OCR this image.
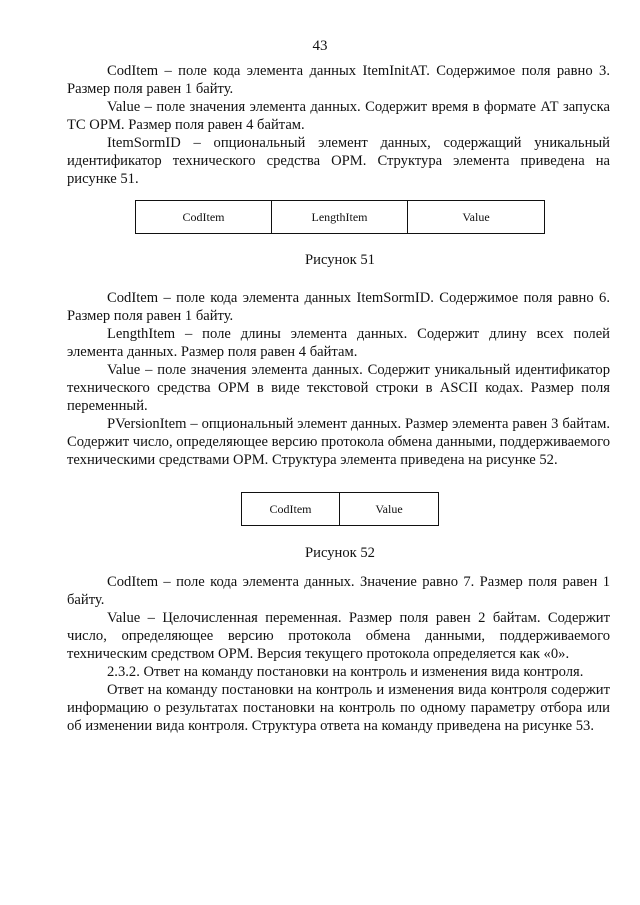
43

CodItem – поле кода элемента данных ItemInitAT. Содержимое поля равно 3. Размер поля равен 1 байту.

Value – поле значения элемента данных. Содержит время в формате АТ запуска ТС ОРМ. Размер поля равен 4 байтам.

ItemSormID – опциональный элемент данных, содержащий уникальный идентификатор технического средства ОРМ. Структура элемента приведена на рисунке 51.

CodItem	LengthItem	Value
Рисунок 51

CodItem – поле кода элемента данных ItemSormID. Содержимое поля равно 6. Размер поля равен 1 байту.

LengthItem – поле длины элемента данных. Содержит длину всех полей элемента данных. Размер поля равен 4 байтам.

Value – поле значения элемента данных. Содержит уникальный идентификатор технического средства ОРМ в виде текстовой строки в ASCII кодах. Размер поля переменный.

PVersionItem – опциональный элемент данных. Размер элемента равен 3 байтам. Содержит число, определяющее версию протокола обмена данными, поддерживаемого техническими средствами ОРМ. Структура элемента приведена на рисунке 52.

CodItem	Value
Рисунок 52

CodItem – поле кода элемента данных. Значение равно 7. Размер поля равен 1 байту.

Value – Целочисленная переменная. Размер поля равен 2 байтам. Содержит число, определяющее версию протокола обмена данными, поддерживаемого техническим средством ОРМ. Версия текущего протокола определяется как «0».

2.3.2. Ответ на команду постановки на контроль и изменения вида контроля.

Ответ на команду постановки на контроль и изменения вида контроля содержит информацию о результатах постановки на контроль по одному параметру отбора или об изменении вида контроля. Структура ответа на команду приведена на рисунке 53.
